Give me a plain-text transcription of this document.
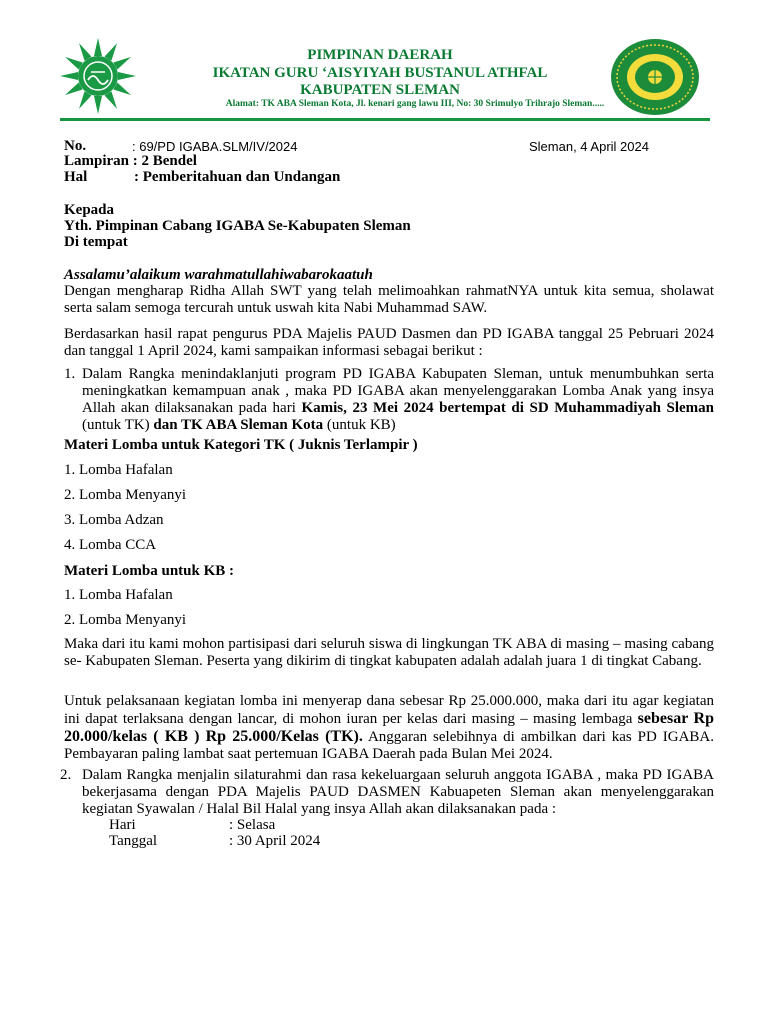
PIMPINAN DAERAH
IKATAN GURU ‘AISYIYAH BUSTANUL ATHFAL
KABUPATEN SLEMAN
Alamat: TK ABA Sleman Kota, Jl. kenari gang lawu III, No: 30 Srimulyo Trihrajo Sleman.....
No.	: 69/PD IGABA.SLM/IV/2024	Sleman, 4 April 2024
Lampiran : 2 Bendel
Hal	: Pemberitahuan dan Undangan
Kepada
Yth. Pimpinan Cabang IGABA Se-Kabupaten Sleman
Di tempat
Assalamu’alaikum warahmatullahiwabarokaatuh
Dengan mengharap Ridha Allah SWT yang telah melimoahkan rahmatNYA untuk kita semua, sholawat serta salam semoga tercurah untuk uswah kita Nabi Muhammad SAW.
Berdasarkan hasil rapat pengurus PDA Majelis PAUD Dasmen dan PD IGABA tanggal 25 Pebruari 2024 dan tanggal 1 April 2024, kami sampaikan informasi sebagai berikut :
1. Dalam Rangka menindaklanjuti program PD IGABA Kabupaten Sleman, untuk menumbuhkan serta meningkatkan kemampuan anak , maka PD IGABA akan menyelenggarakan Lomba Anak yang insya Allah akan dilaksanakan pada hari Kamis, 23 Mei 2024 bertempat di SD Muhammadiyah Sleman (untuk TK) dan TK ABA Sleman Kota (untuk KB)
Materi Lomba untuk Kategori TK ( Juknis Terlampir )
1. Lomba Hafalan
2. Lomba Menyanyi
3. Lomba Adzan
4. Lomba CCA
Materi Lomba untuk KB :
1. Lomba Hafalan
2. Lomba Menyanyi
Maka dari itu kami mohon partisipasi dari seluruh siswa di lingkungan TK ABA di masing – masing cabang se- Kabupaten Sleman. Peserta yang dikirim di tingkat kabupaten adalah adalah juara 1 di tingkat Cabang.
Untuk pelaksanaan kegiatan lomba ini menyerap dana sebesar Rp 25.000.000, maka dari itu agar kegiatan ini dapat terlaksana dengan lancar, di mohon iuran per kelas dari masing – masing lembaga sebesar Rp 20.000/kelas ( KB ) Rp 25.000/Kelas (TK). Anggaran selebihnya di ambilkan dari kas PD IGABA. Pembayaran paling lambat saat pertemuan IGABA Daerah pada Bulan Mei 2024.
2. Dalam Rangka menjalin silaturahmi dan rasa kekeluargaan seluruh anggota IGABA , maka PD IGABA bekerjasama dengan PDA Majelis PAUD DASMEN Kabuapeten Sleman akan menyelenggarakan kegiatan Syawalan / Halal Bil Halal yang insya Allah akan dilaksanakan pada :
Hari	: Selasa
Tanggal	: 30 April 2024
